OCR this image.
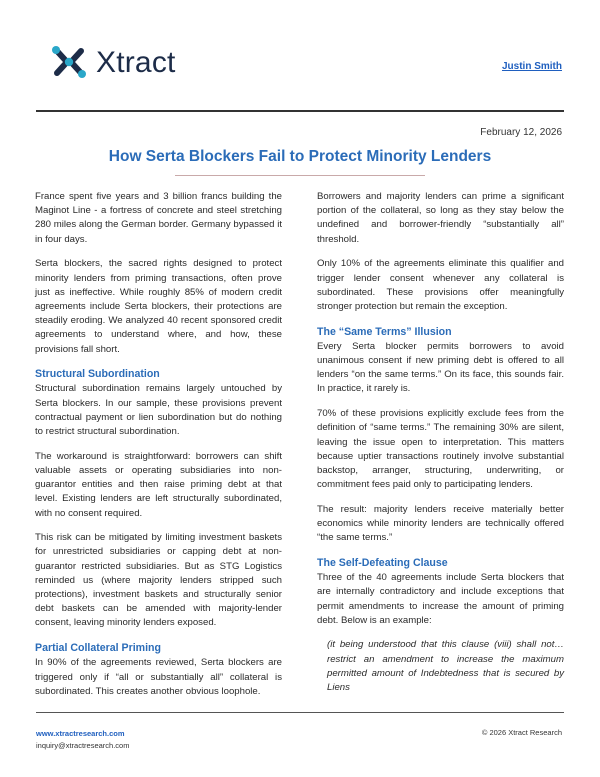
Xtract	Justin Smith
February 12, 2026
How Serta Blockers Fail to Protect Minority Lenders

France spent five years and 3 billion francs building the Maginot Line - a fortress of concrete and steel stretching 280 miles along the German border. Germany bypassed it in four days.

Serta blockers, the sacred rights designed to protect minority lenders from priming transactions, often prove just as ineffective. While roughly 85% of modern credit agreements include Serta blockers, their protections are steadily eroding. We analyzed 40 recent sponsored credit agreements to understand where, and how, these provisions fall short.

Structural Subordination

Structural subordination remains largely untouched by Serta blockers. In our sample, these provisions prevent contractual payment or lien subordination but do nothing to restrict structural subordination.

The workaround is straightforward: borrowers can shift valuable assets or operating subsidiaries into non-guarantor entities and then raise priming debt at that level. Existing lenders are left structurally subordinated, with no consent required.

This risk can be mitigated by limiting investment baskets for unrestricted subsidiaries or capping debt at non-guarantor restricted subsidiaries. But as STG Logistics reminded us (where majority lenders stripped such protections), investment baskets and structurally senior debt baskets can be amended with majority-lender consent, leaving minority lenders exposed.

Partial Collateral Priming

In 90% of the agreements reviewed, Serta blockers are triggered only if “all or substantially all” collateral is subordinated. This creates another obvious loophole.

Borrowers and majority lenders can prime a significant portion of the collateral, so long as they stay below the undefined and borrower-friendly “substantially all” threshold.

Only 10% of the agreements eliminate this qualifier and trigger lender consent whenever any collateral is subordinated. These provisions offer meaningfully stronger protection but remain the exception.

The “Same Terms” Illusion

Every Serta blocker permits borrowers to avoid unanimous consent if new priming debt is offered to all lenders “on the same terms.” On its face, this sounds fair. In practice, it rarely is.

70% of these provisions explicitly exclude fees from the definition of “same terms.” The remaining 30% are silent, leaving the issue open to interpretation. This matters because uptier transactions routinely involve substantial backstop, arranger, structuring, underwriting, or commitment fees paid only to participating lenders.

The result: majority lenders receive materially better economics while minority lenders are technically offered “the same terms.”

The Self-Defeating Clause

Three of the 40 agreements include Serta blockers that are internally contradictory and include exceptions that permit amendments to increase the amount of priming debt. Below is an example:

(it being understood that this clause (viii) shall not… restrict an amendment to increase the maximum permitted amount of Indebtedness that is secured by Liens

www.xtractresearch.com
inquiry@xtractresearch.com
© 2026 Xtract Research
